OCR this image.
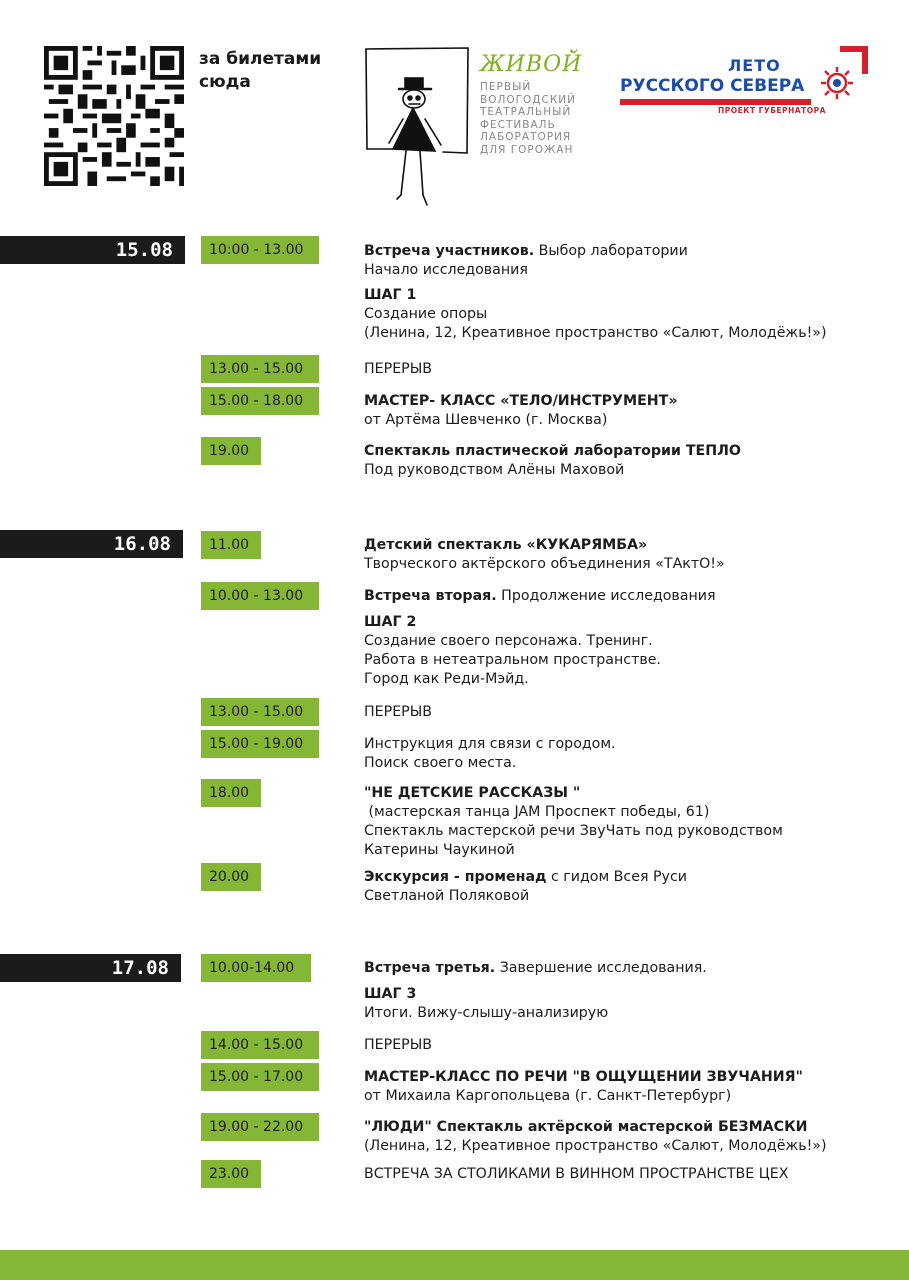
за билетами
сюда
ЖИВОЙ
ПЕРВЫЙ
ВОЛОГОДСКИЙ
ТЕАТРАЛЬНЫЙ
ФЕСТИВАЛЬ
ЛАБОРАТОРИЯ
ДЛЯ ГОРОЖАН
ЛЕТО
РУССКОГО СЕВЕРА
ПРОЕКТ ГУБЕРНАТОРА
15.08
16.08
17.08
10:00 - 13.00
13.00 - 15.00
15.00 - 18.00
19.00
11.00
10.00 - 13.00
13.00 - 15.00
15.00 - 19.00
18.00
20.00
10.00-14.00
14.00 - 15.00
15.00 - 17.00
19.00 - 22.00
23.00
Встреча участников. Выбор лаборатории
Начало исследования
ШАГ 1
Создание опоры
(Ленина, 12, Креативное пространство «Салют, Молодёжь!»)
ПЕРЕРЫВ
МАСТЕР- КЛАСС «ТЕЛО/ИНСТРУМЕНТ»
от Артёма Шевченко (г. Москва)
Спектакль пластической лаборатории ТЕПЛО
Под руководством Алёны Маховой
Детский спектакль «КУКАРЯМБА»
Творческого актёрского объединения «ТАктО!»
Встреча вторая. Продолжение исследования
ШАГ 2
Создание своего персонажа. Тренинг.
Работа в нетеатральном пространстве.
Город как Реди-Мэйд.
ПЕРЕРЫВ
Инструкция для связи с городом.
Поиск своего места.
"НЕ ДЕТСКИЕ РАССКАЗЫ "
(мастерская танца JAM Проспект победы, 61)
Спектакль мастерской речи ЗвуЧать под руководством
Катерины Чаукиной
Экскурсия - променад с гидом Всея Руси
Светланой Поляковой
Встреча третья. Завершение исследования.
ШАГ 3
Итоги. Вижу-слышу-анализирую
ПЕРЕРЫВ
МАСТЕР-КЛАСС ПО РЕЧИ "В ОЩУЩЕНИИ ЗВУЧАНИЯ"
от Михаила Каргопольцева (г. Санкт-Петербург)
"ЛЮДИ" Спектакль актёрской мастерской БЕЗМАСКИ
(Ленина, 12, Креативное пространство «Салют, Молодёжь!»)
ВСТРЕЧА ЗА СТОЛИКАМИ В ВИННОМ ПРОСТРАНСТВЕ ЦЕХ
